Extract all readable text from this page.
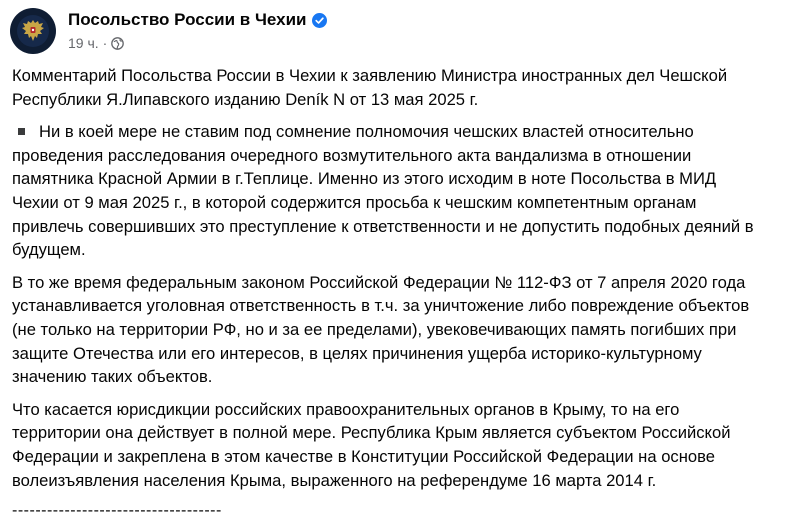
Посольство России в Чехии
19 ч. ·
Комментарий Посольства России в Чехии к заявлению Министра иностранных дел Чешской
Республики Я.Липавского изданию Deník N от 13 мая 2025 г.
Ни в коей мере не ставим под сомнение полномочия чешских властей относительно
проведения расследования очередного возмутительного акта вандализма в отношении
памятника Красной Армии в г.Теплице. Именно из этого исходим в ноте Посольства в МИД
Чехии от 9 мая 2025 г., в которой содержится просьба к чешским компетентным органам
привлечь совершивших это преступление к ответственности и не допустить подобных деяний в
будущем.
В то же время федеральным законом Российской Федерации № 112-ФЗ от 7 апреля 2020 года
устанавливается уголовная ответственность в т.ч. за уничтожение либо повреждение объектов
(не только на территории РФ, но и за ее пределами), увековечивающих память погибших при
защите Отечества или его интересов, в целях причинения ущерба историко-культурному
значению таких объектов.
Что касается юрисдикции российских правоохранительных органов в Крыму, то на его
территории она действует в полной мере. Республика Крым является субъектом Российской
Федерации и закреплена в этом качестве в Конституции Российской Федерации на основе
волеизъявления населения Крыма, выраженного на референдуме 16 марта 2014 г.
------------------------------------
